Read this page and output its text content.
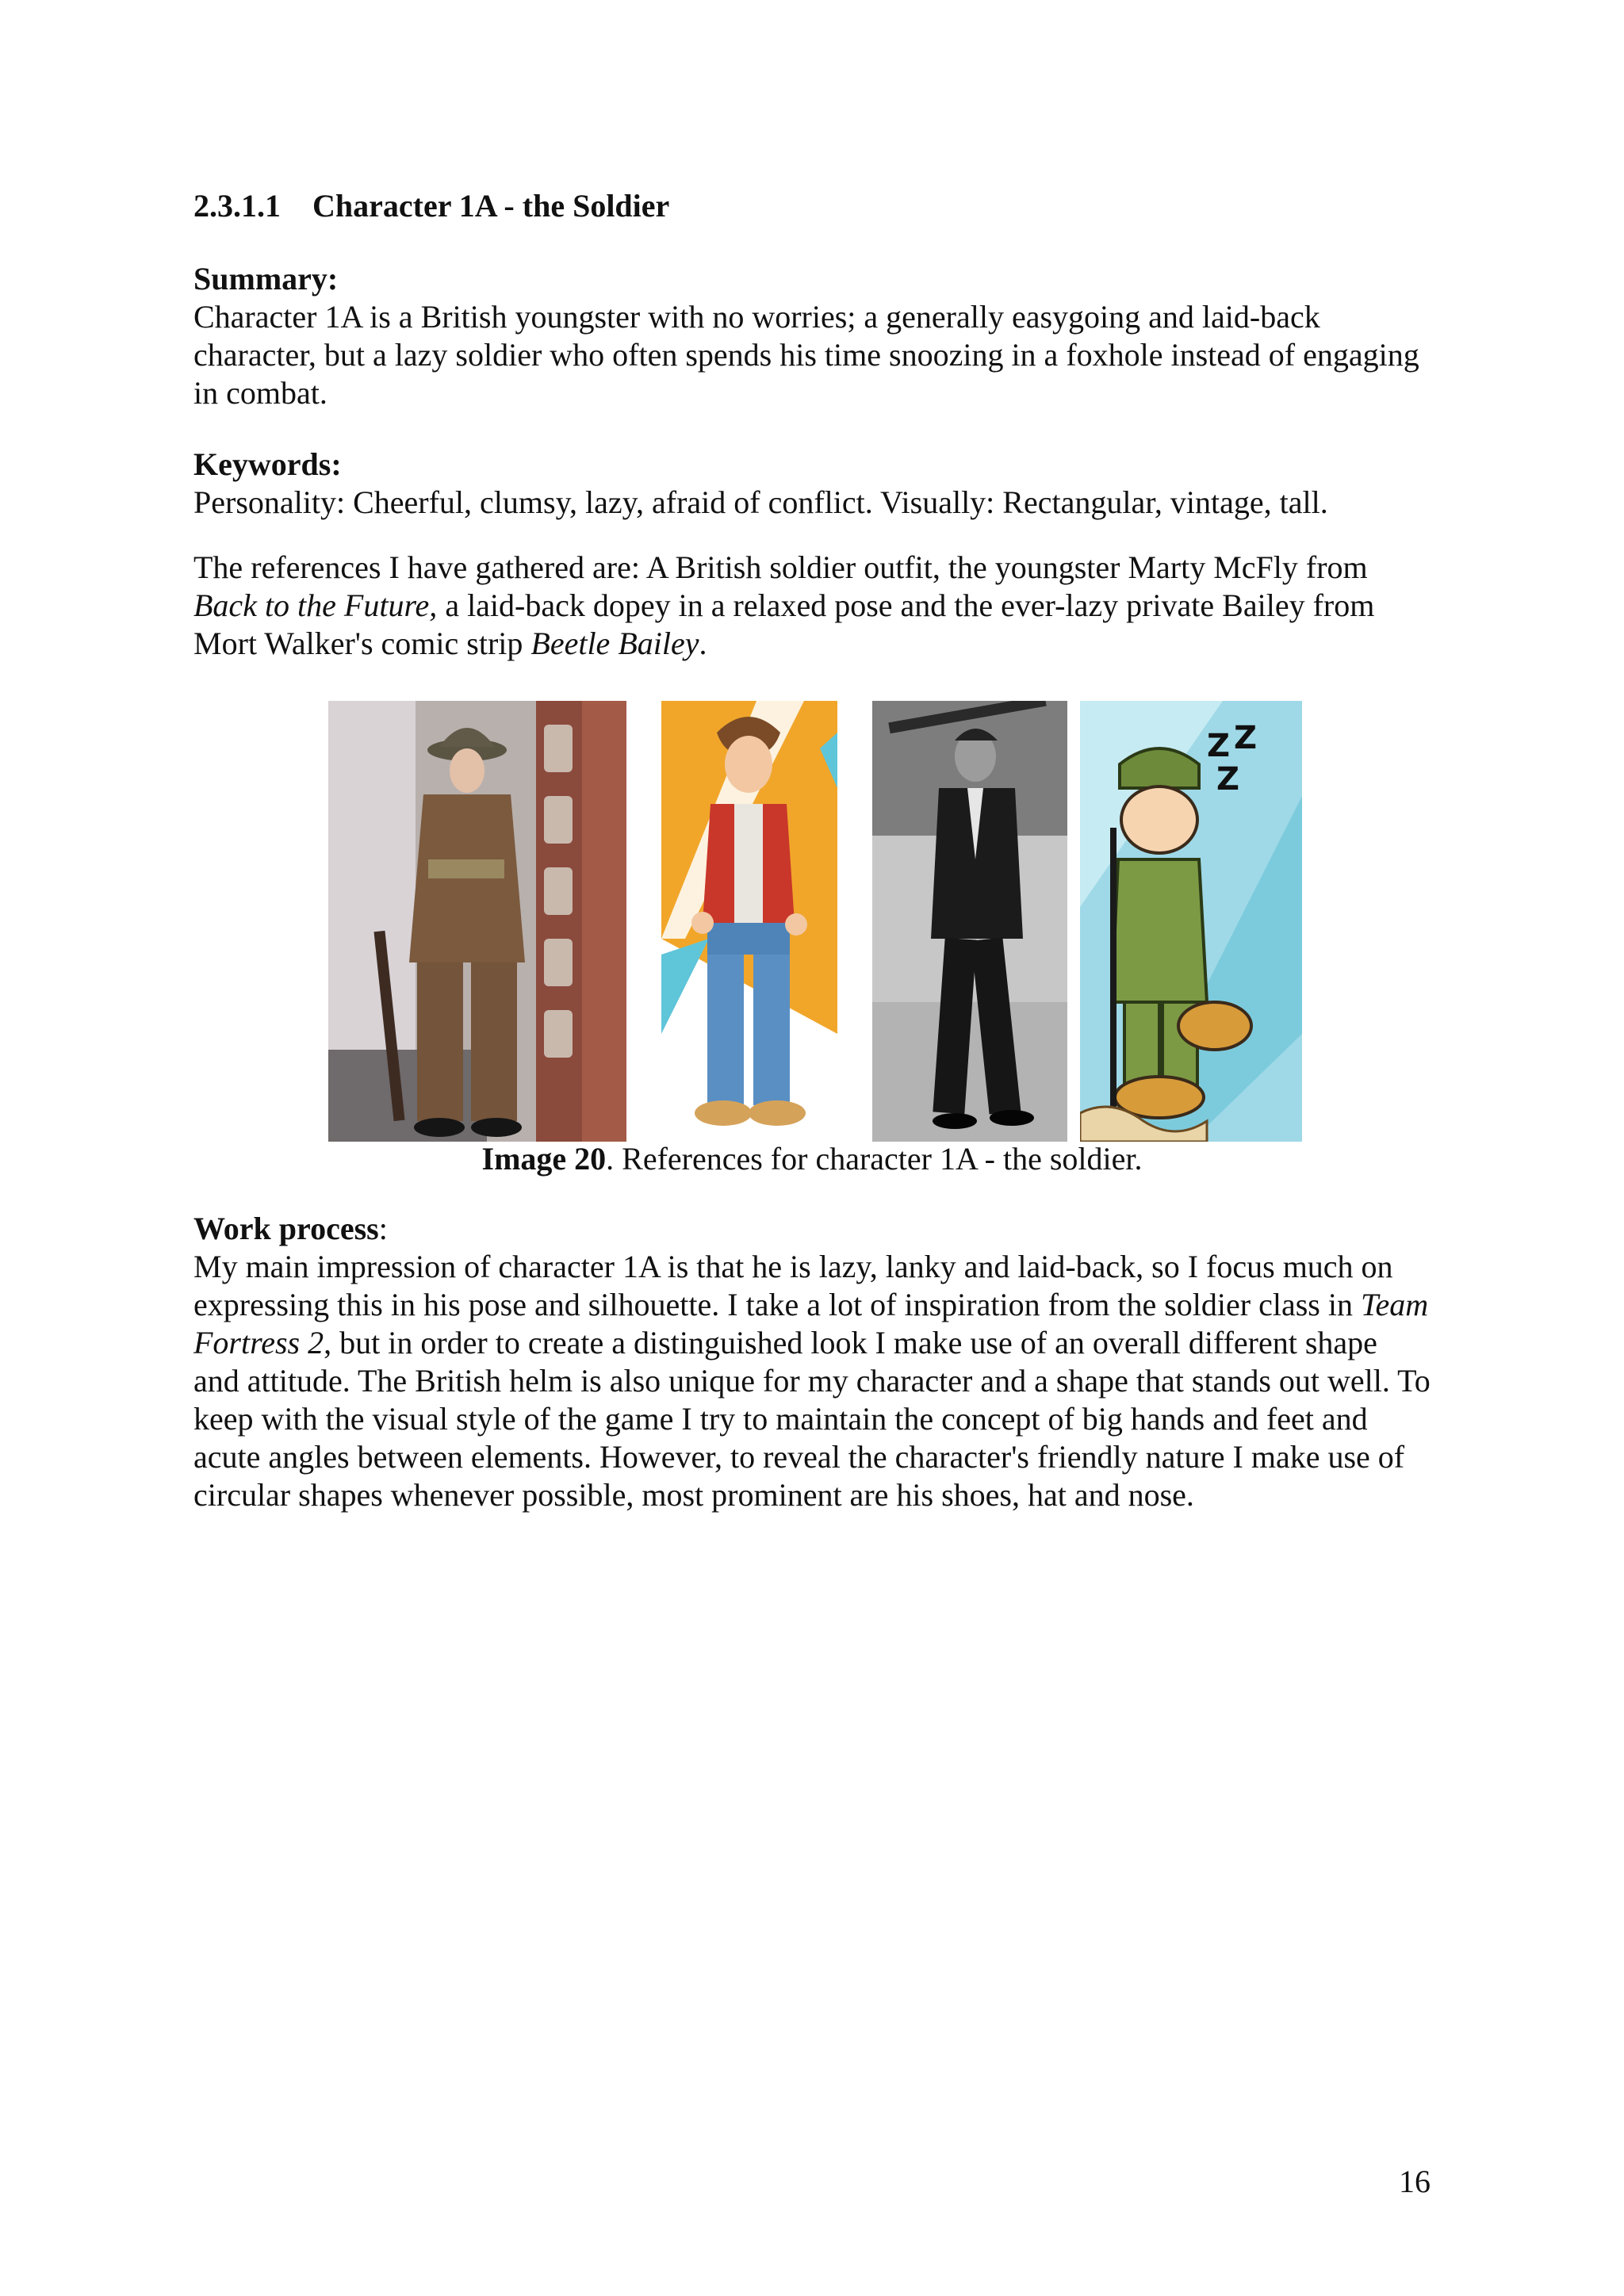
2.3.1.1 Character 1A - the Soldier
Summary:

Character 1A is a British youngster with no worries; a generally easygoing and laid-back character, but a lazy soldier who often spends his time snoozing in a foxhole instead of engaging in combat.

Keywords:

Personality: Cheerful, clumsy, lazy, afraid of conflict. Visually: Rectangular, vintage, tall.

The references I have gathered are: A British soldier outfit, the youngster Marty McFly from Back to the Future, a laid-back dopey in a relaxed pose and the ever-lazy private Bailey from Mort Walker's comic strip Beetle Bailey.

Z Z
Z
Image 20. References for character 1A - the soldier.
Work process:

My main impression of character 1A is that he is lazy, lanky and laid-back, so I focus much on expressing this in his pose and silhouette. I take a lot of inspiration from the soldier class in Team Fortress 2, but in order to create a distinguished look I make use of an overall different shape and attitude. The British helm is also unique for my character and a shape that stands out well. To keep with the visual style of the game I try to maintain the concept of big hands and feet and acute angles between elements. However, to reveal the character's friendly nature I make use of circular shapes whenever possible, most prominent are his shoes, hat and nose.

16
